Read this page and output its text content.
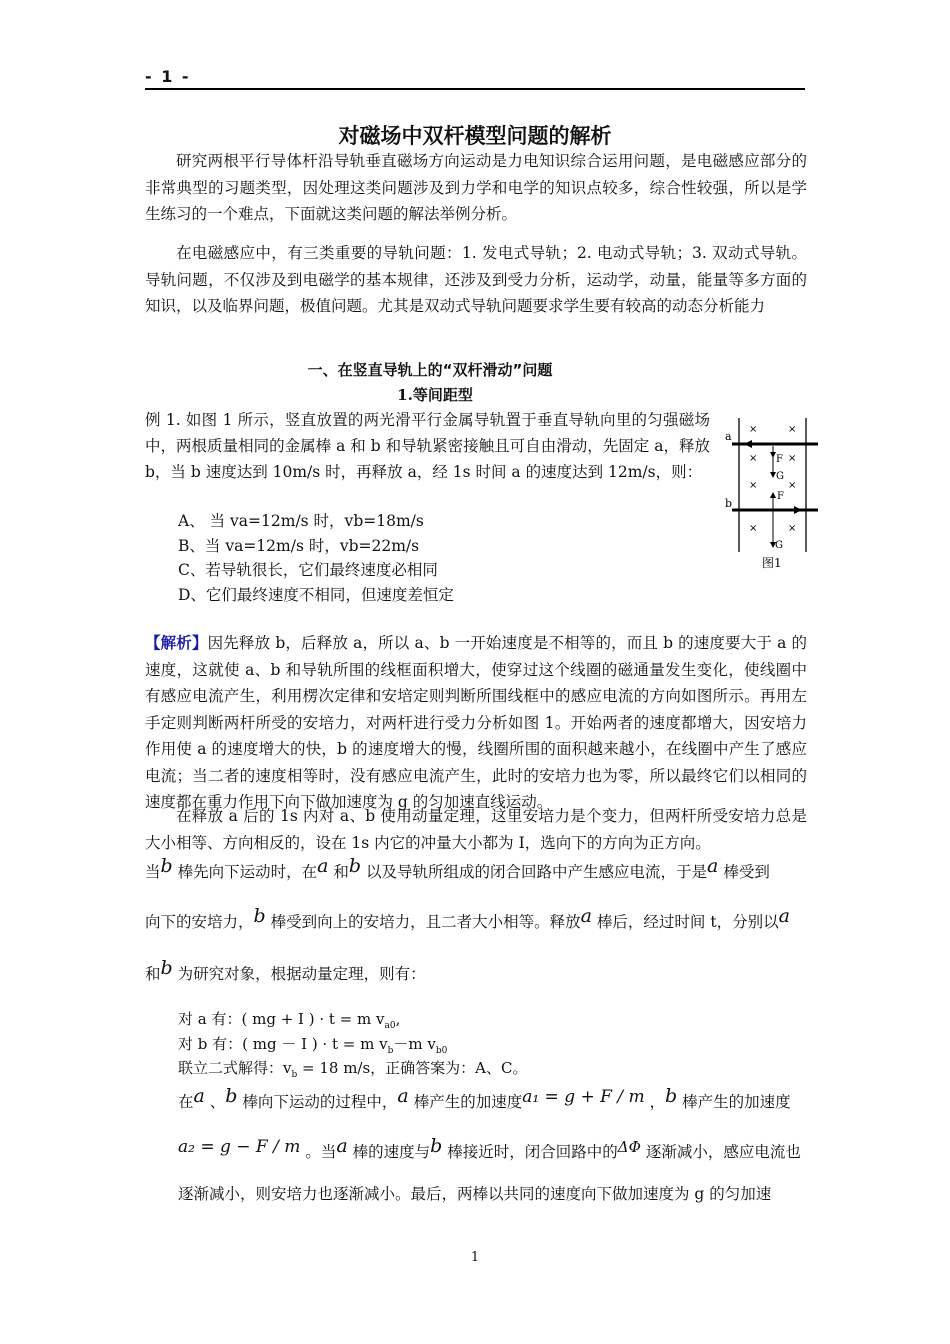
- 1 -
对磁场中双杆模型问题的解析

研究两根平行导体杆沿导轨垂直磁场方向运动是力电知识综合运用问题，是电磁感应部分的非常典型的习题类型，因处理这类问题涉及到力学和电学的知识点较多，综合性较强，所以是学生练习的一个难点，下面就这类问题的解法举例分析。

在电磁感应中，有三类重要的导轨问题：1. 发电式导轨；2. 电动式导轨；3. 双动式导轨。导轨问题，不仅涉及到电磁学的基本规律，还涉及到受力分析，运动学，动量，能量等多方面的知识，以及临界问题，极值问题。尤其是双动式导轨问题要求学生要有较高的动态分析能力

一、在竖直导轨上的“双杆滑动”问题
1.等间距型

例 1. 如图 1 所示，竖直放置的两光滑平行金属导轨置于垂直导轨向里的匀强磁场中，两根质量相同的金属棒 a 和 b 和导轨紧密接触且可自由滑动，先固定 a，释放 b，当 b 速度达到 10m/s 时，再释放 a，经 1s 时间 a 的速度达到 12m/s，则：

A、 当 va=12m/s 时，vb=18m/s
B、当 va=12m/s 时，vb=22m/s
C、若导轨很长，它们最终速度必相同
D、它们最终速度不相同，但速度差恒定
×	×
×	×
×	×
×	×
a
b
F
G
F
G
图1

【解析】因先释放 b，后释放 a，所以 a、b 一开始速度是不相等的，而且 b 的速度要大于 a 的速度，这就使 a、b 和导轨所围的线框面积增大，使穿过这个线圈的磁通量发生变化，使线圈中有感应电流产生，利用楞次定律和安培定则判断所围线框中的感应电流的方向如图所示。再用左手定则判断两杆所受的安培力，对两杆进行受力分析如图 1。开始两者的速度都增大，因安培力作用使 a 的速度增大的快，b 的速度增大的慢，线圈所围的面积越来越小，在线圈中产生了感应电流；当二者的速度相等时，没有感应电流产生，此时的安培力也为零，所以最终它们以相同的速度都在重力作用下向下做加速度为 g 的匀加速直线运动。

在释放 a 后的 1s 内对 a、b 使用动量定理，这里安培力是个变力，但两杆所受安培力总是大小相等、方向相反的，设在 1s 内它的冲量大小都为 I，选向下的方向为正方向。

当b 棒先向下运动时，在a 和b 以及导轨所组成的闭合回路中产生感应电流，于是a 棒受到
向下的安培力，b 棒受到向上的安培力，且二者大小相等。释放a 棒后，经过时间 t，分别以a
和b 为研究对象，根据动量定理，则有：
对 a 有：( mg + I ) · t = m $v_{a0}$,
对 b 有：( mg － I ) · t = m $v_b-m$ $v_{b0}$
联立二式解得：$v_b = 18$ m/s，正确答案为：A、C。
在a 、b 棒向下运动的过程中，a 棒产生的加速度a₁ = g + F / m ，b 棒产生的加速度
a₂ = g − F / m 。当a 棒的速度与b 棒接近时，闭合回路中的ΔΦ 逐渐减小，感应电流也
逐渐减小，则安培力也逐渐减小。最后，两棒以共同的速度向下做加速度为 g 的匀加速
1
